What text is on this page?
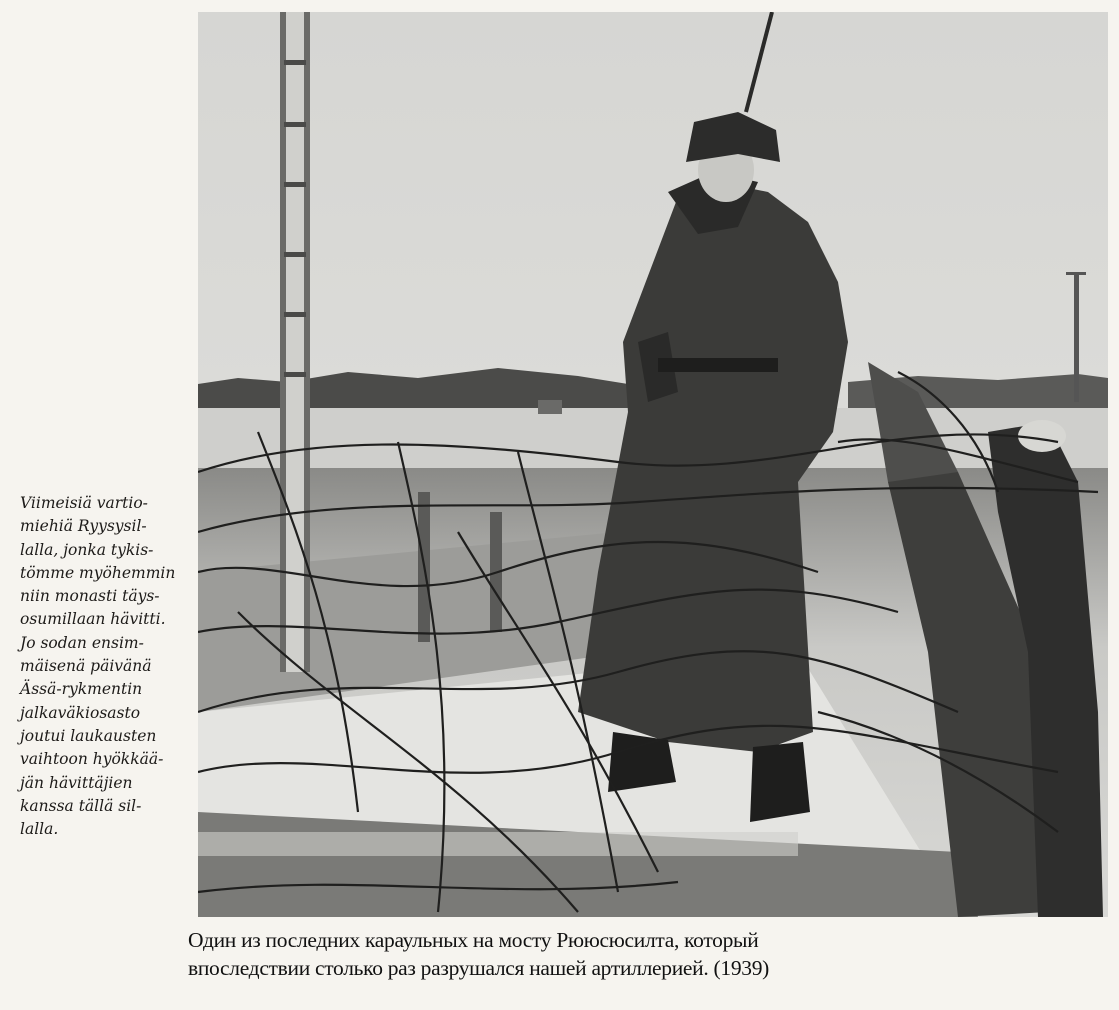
Viimeisiä vartio-
miehiä Ryysysil-
lalla, jonka tykis-
tömme myöhemmin
niin monasti täys-
osumillaan hävitti.
Jo sodan ensim-
mäisenä päivänä
Ässä-rykmentin
jalkaväkiosasto
joutui laukausten
vaihtoon hyökkää-
jän hävittäjien
kanssa tällä sil-
lalla.
Один из последних караульных на мосту Рююсюсилта, который
впоследствии столько раз разрушался нашей артиллерией. (1939)
